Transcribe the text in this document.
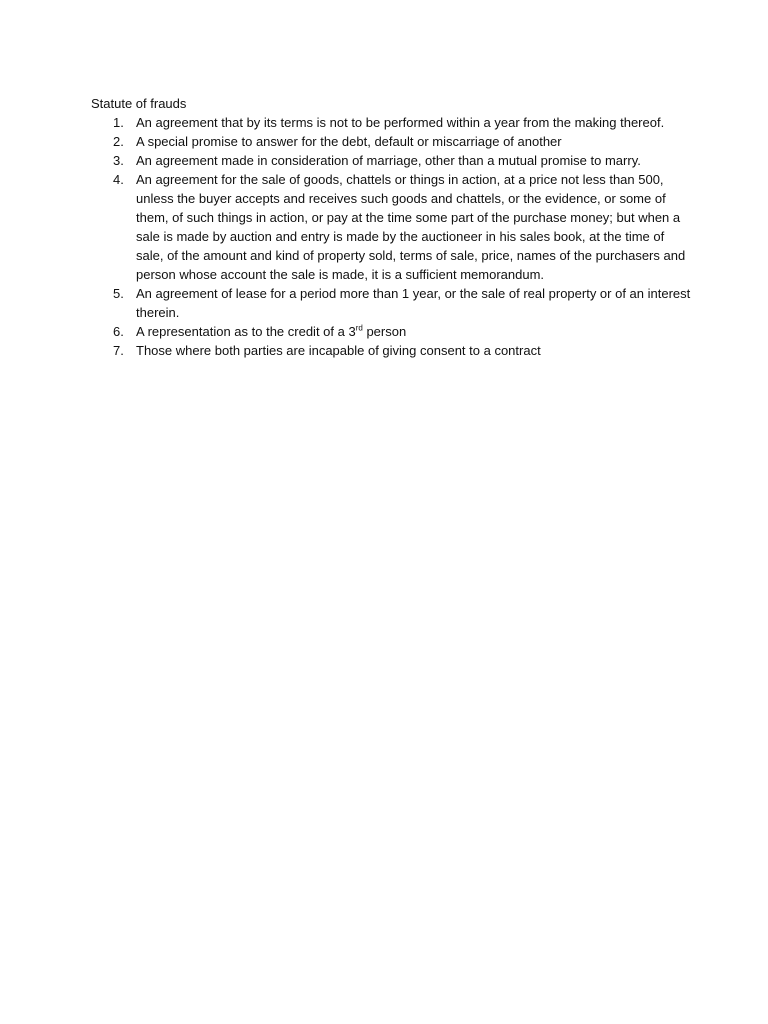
Statute of frauds
1. An agreement that by its terms is not to be performed within a year from the making thereof.
2. A special promise to answer for the debt, default or miscarriage of another
3. An agreement made in consideration of marriage, other than a mutual promise to marry.
4. An agreement for the sale of goods, chattels or things in action, at a price not less than 500, unless the buyer accepts and receives such goods and chattels, or the evidence, or some of them, of such things in action, or pay at the time some part of the purchase money; but when a sale is made by auction and entry is made by the auctioneer in his sales book, at the time of sale, of the amount and kind of property sold, terms of sale, price, names of the purchasers and person whose account the sale is made, it is a sufficient memorandum.
5. An agreement of lease for a period more than 1 year, or the sale of real property or of an interest therein.
6. A representation as to the credit of a 3rd person
7. Those where both parties are incapable of giving consent to a contract
